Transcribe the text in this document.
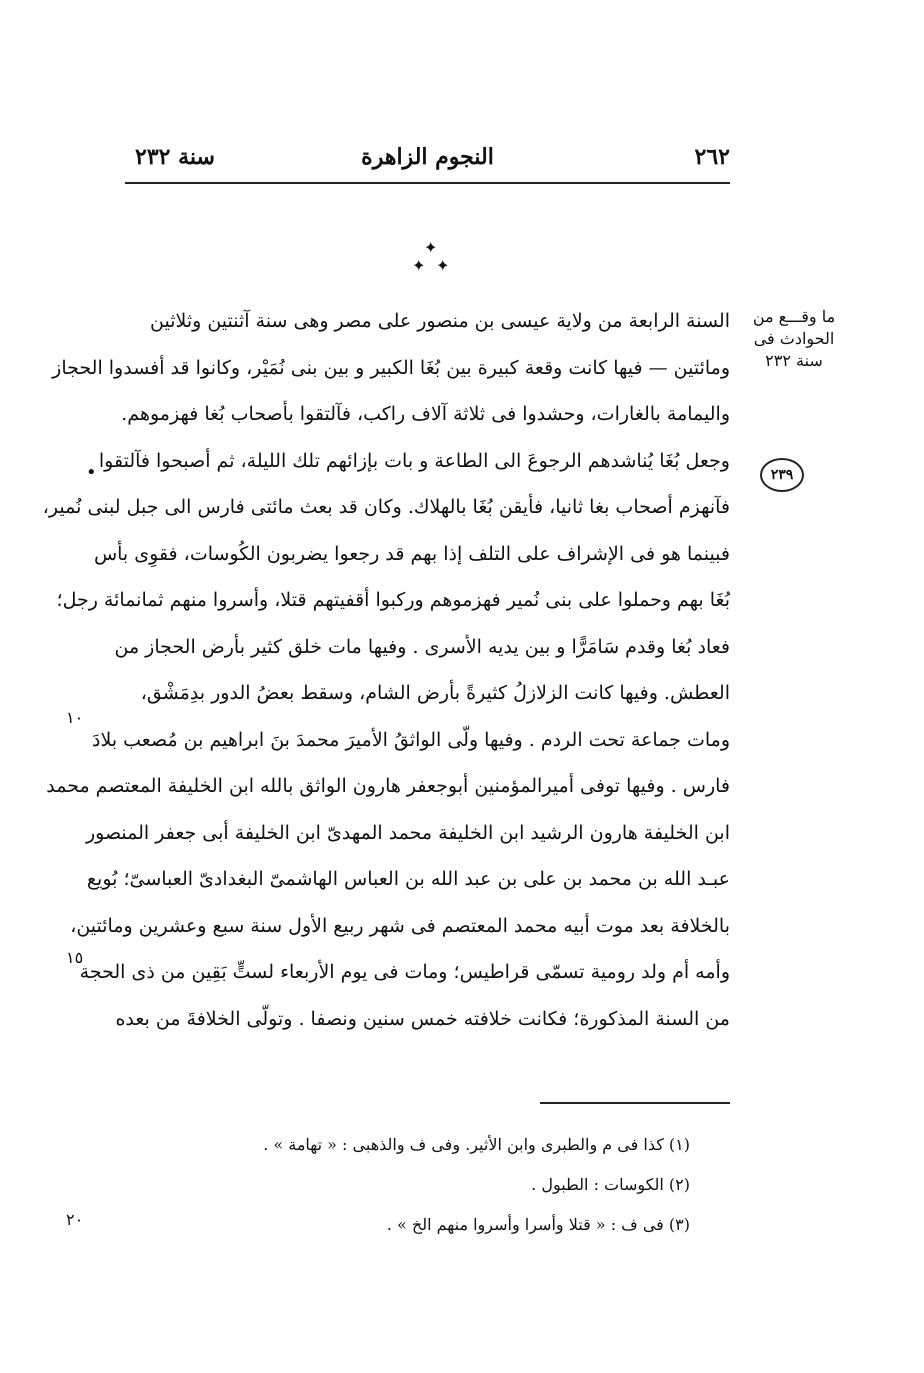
٢٦٢
النجوم الزاهرة
سنة ٢٣٢
✦
✦ ✦
ما وقـــع من الحوادث فى سنة ٢٣٢
٢٣٩
•
١٠
١٥
٢٠
السنة الرابعة من ولاية عيسى بن منصور على مصر وهى سنة آثنتين وثلاثين
ومائتين — فيها كانت وقعة كبيرة بين بُغَا الكبير و بين بنى نُمَيْر، وكانوا قد أفسدوا الحجاز
واليمامة بالغارات، وحشدوا فى ثلاثة آلاف راكب، فآلتقوا بأصحاب بُغا فهزموهم.
وجعل بُغَا يُناشدهم الرجوعَ الى الطاعة و بات بإزائهم تلك الليلة، ثم أصبحوا فآلتقوا
فآنهزم أصحاب بغا ثانيا، فأيقن بُغَا بالهلاك. وكان قد بعث مائتى فارس الى جبل لبنى نُمير،
فبينما هو فى الإشراف على التلف إذا بهم قد رجعوا يضربون الكُوسات، فقوِى بأس
بُغَا بهم وحملوا على بنى نُمير فهزموهم وركبوا أقفيتهم قتلا، وأسروا منهم ثمانمائة رجل؛
فعاد بُغا وقدم سَامَرًّا و بين يديه الأسرى . وفيها مات خلق كثير بأرض الحجاز من
العطش. وفيها كانت الزلازلُ كثيرةً بأرض الشام، وسقط بعضُ الدور بدِمَشْق،
ومات جماعة تحت الردم . وفيها ولّى الواثقُ الأميرَ محمدَ بنَ ابراهيم بن مُصعب بلادَ
فارس . وفيها توفى أميرالمؤمنين أبوجعفر هارون الواثق بالله ابن الخليفة المعتصم محمد
ابن الخليفة هارون الرشيد ابن الخليفة محمد المهدىّ ابن الخليفة أبى جعفر المنصور
عبـد الله بن محمد بن على بن عبد الله بن العباس الهاشمىّ البغدادىّ العباسىّ؛ بُويع
بالخلافة بعد موت أبيه محمد المعتصم فى شهر ربيع الأول سنة سبع وعشرين ومائتين،
وأمه أم ولد رومية تسمّى قراطيس؛ ومات فى يوم الأربعاء لستٍّ بَقِين من ذى الحجة
من السنة المذكورة؛ فكانت خلافته خمس سنين ونصفا . وتولّى الخلافةَ من بعده
(١) كذا فى م والطبرى وابن الأثير. وفى ف والذهبى : « تهامة » .
(٢) الكوسات : الطبول .
(٣) فى ف : « قتلا وأسرا وأسروا منهم الخ » .
